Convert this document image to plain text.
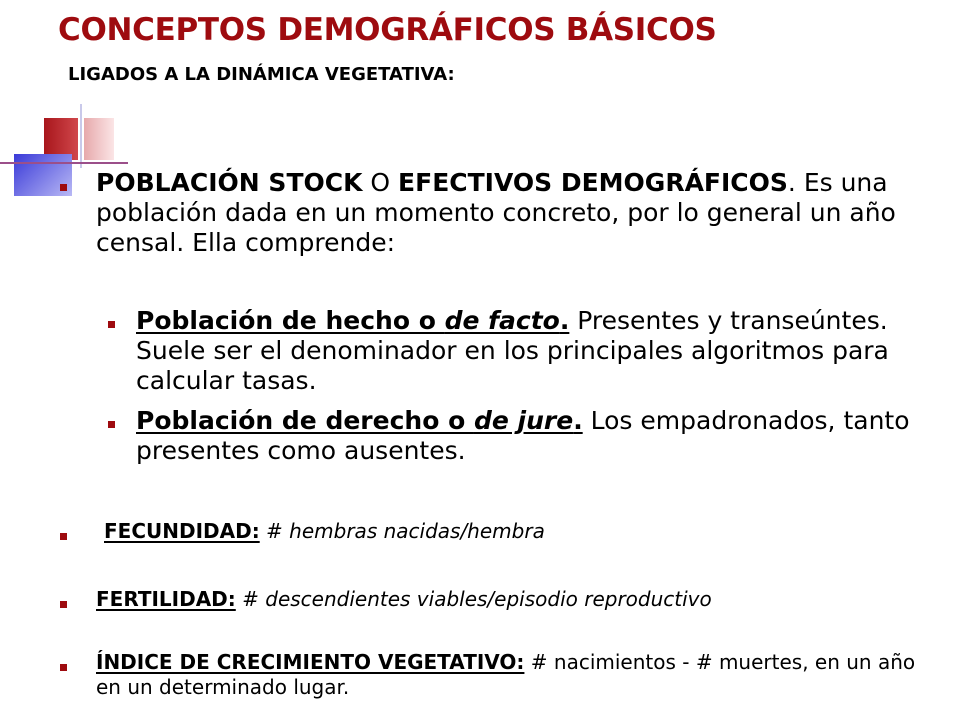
CONCEPTOS DEMOGRÁFICOS BÁSICOS
LIGADOS A LA DINÁMICA VEGETATIVA:

POBLACIÓN STOCK O EFECTIVOS DEMOGRÁFICOS. Es una población dada en un momento concreto, por lo general un año censal. Ella comprende:

Población de hecho o de facto. Presentes y transeúntes. Suele ser el denominador en los principales algoritmos para calcular tasas.

Población de derecho o de jure. Los empadronados, tanto presentes como ausentes.

FECUNDIDAD: # hembras nacidas/hembra

FERTILIDAD: # descendientes viables/episodio reproductivo

ÍNDICE DE CRECIMIENTO VEGETATIVO: # nacimientos - # muertes, en un año en un determinado lugar.
